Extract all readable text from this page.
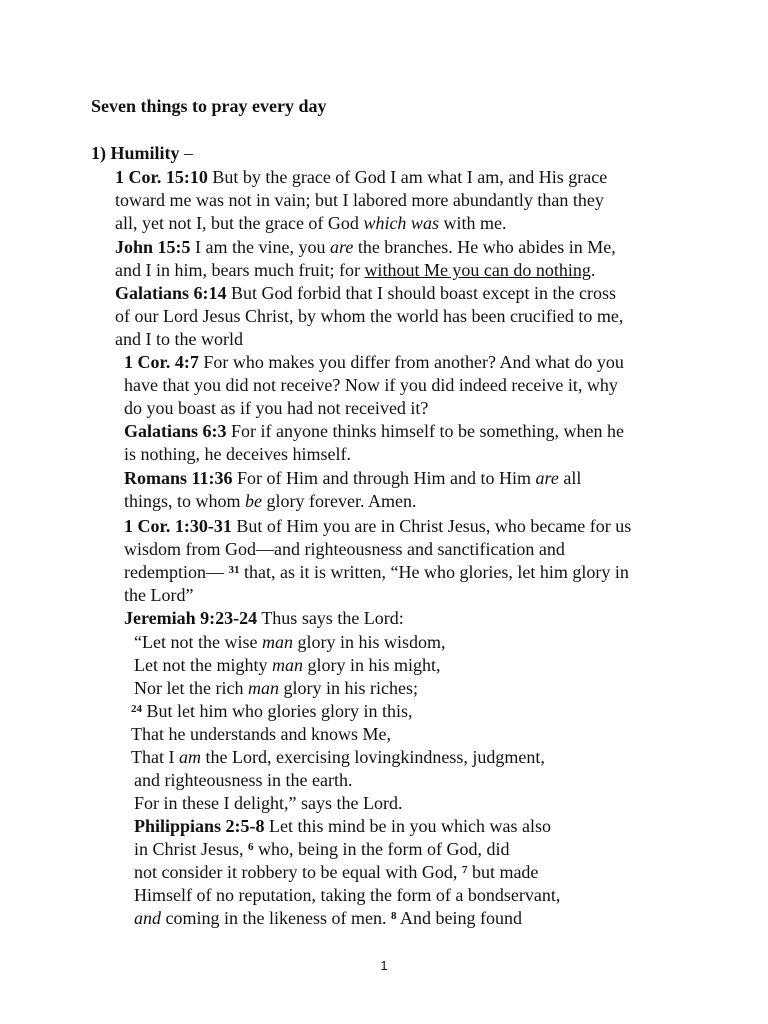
Seven things to pray every day
1) Humility –
1 Cor. 15:10 But by the grace of God I am what I am, and His grace
toward me was not in vain; but I labored more abundantly than they
all, yet not I, but the grace of God which was with me.
John 15:5 I am the vine, you are the branches. He who abides in Me,
and I in him, bears much fruit; for without Me you can do nothing.
Galatians 6:14 But God forbid that I should boast except in the cross
of our Lord Jesus Christ, by whom the world has been crucified to me,
and I to the world
1 Cor. 4:7 For who makes you differ from another? And what do you
have that you did not receive? Now if you did indeed receive it, why
do you boast as if you had not received it?
Galatians 6:3 For if anyone thinks himself to be something, when he
is nothing, he deceives himself.
Romans 11:36 For of Him and through Him and to Him are all
things, to whom be glory forever. Amen.
1 Cor. 1:30-31 But of Him you are in Christ Jesus, who became for us
wisdom from God—and righteousness and sanctification and
redemption— $^{31}$ that, as it is written, “He who glories, let him glory in
the Lord”
Jeremiah 9:23-24 Thus says the Lord:
“Let not the wise man glory in his wisdom,
Let not the mighty man glory in his might,
Nor let the rich man glory in his riches;
$^{24}$ But let him who glories glory in this,
That he understands and knows Me,
That I am the Lord, exercising lovingkindness, judgment,
and righteousness in the earth.
For in these I delight,” says the Lord.
Philippians 2:5-8 Let this mind be in you which was also
in Christ Jesus, $^6$ who, being in the form of God, did
not consider it robbery to be equal with God, $^7$ but made
Himself of no reputation, taking the form of a bondservant,
and coming in the likeness of men. $^8$ And being found
1
